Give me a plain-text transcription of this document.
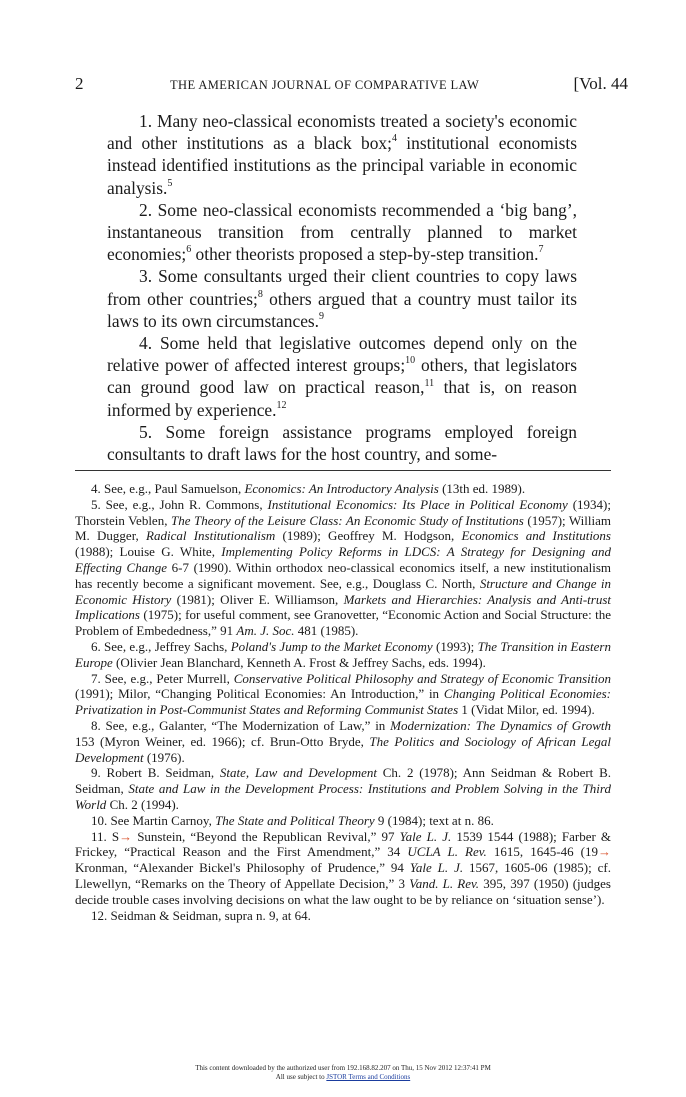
2	THE AMERICAN JOURNAL OF COMPARATIVE LAW	[Vol. 44

1. Many neo-classical economists treated a society's economic and other institutions as a black box;$^4$ institutional economists instead identified institutions as the principal variable in economic analysis.$^5$

2. Some neo-classical economists recommended a ‘big bang’, instantaneous transition from centrally planned to market economies;$^6$ other theorists proposed a step-by-step transition.$^7$

3. Some consultants urged their client countries to copy laws from other countries;$^8$ others argued that a country must tailor its laws to its own circumstances.$^9$

4. Some held that legislative outcomes depend only on the relative power of affected interest groups;$^{10}$ others, that legislators can ground good law on practical reason,$^{11}$ that is, on reason informed by experience.$^{12}$

5. Some foreign assistance programs employed foreign consultants to draft laws for the host country, and some-

4. See, e.g., Paul Samuelson, Economics: An Introductory Analysis (13th ed. 1989).

5. See, e.g., John R. Commons, Institutional Economics: Its Place in Political Economy (1934); Thorstein Veblen, The Theory of the Leisure Class: An Economic Study of Institutions (1957); William M. Dugger, Radical Institutionalism (1989); Geoffrey M. Hodgson, Economics and Institutions (1988); Louise G. White, Implementing Policy Reforms in LDCS: A Strategy for Designing and Effecting Change 6-7 (1990). Within orthodox neo-classical economics itself, a new institutionalism has recently become a significant movement. See, e.g., Douglass C. North, Structure and Change in Economic History (1981); Oliver E. Williamson, Markets and Hierarchies: Analysis and Anti-trust Implications (1975); for useful comment, see Granovetter, “Economic Action and Social Structure: the Problem of Embededness,” 91 Am. J. Soc. 481 (1985).

6. See, e.g., Jeffrey Sachs, Poland's Jump to the Market Economy (1993); The Transition in Eastern Europe (Olivier Jean Blanchard, Kenneth A. Frost & Jeffrey Sachs, eds. 1994).

7. See, e.g., Peter Murrell, Conservative Political Philosophy and Strategy of Economic Transition (1991); Milor, “Changing Political Economies: An Introduction,” in Changing Political Economies: Privatization in Post-Communist States and Reforming Communist States 1 (Vidat Milor, ed. 1994).

8. See, e.g., Galanter, “The Modernization of Law,” in Modernization: The Dynamics of Growth 153 (Myron Weiner, ed. 1966); cf. Brun-Otto Bryde, The Politics and Sociology of African Legal Development (1976).

9. Robert B. Seidman, State, Law and Development Ch. 2 (1978); Ann Seidman & Robert B. Seidman, State and Law in the Development Process: Institutions and Problem Solving in the Third World Ch. 2 (1994).

10. See Martin Carnoy, The State and Political Theory 9 (1984); text at n. 86.

11. S→ Sunstein, “Beyond the Republican Revival,” 97 Yale L. J. 1539 1544 (1988); Farber & Frickey, “Practical Reason and the First Amendment,” 34 UCLA L. Rev. 1615, 1645-46 (19→ Kronman, “Alexander Bickel's Philosophy of Prudence,” 94 Yale L. J. 1567, 1605-06 (1985); cf. Llewellyn, “Remarks on the Theory of Appellate Decision,” 3 Vand. L. Rev. 395, 397 (1950) (judges decide trouble cases involving decisions on what the law ought to be by reliance on ‘situation sense’).

12. Seidman & Seidman, supra n. 9, at 64.

This content downloaded by the authorized user from 192.168.82.207 on Thu, 15 Nov 2012 12:37:41 PM
All use subject to JSTOR Terms and Conditions
